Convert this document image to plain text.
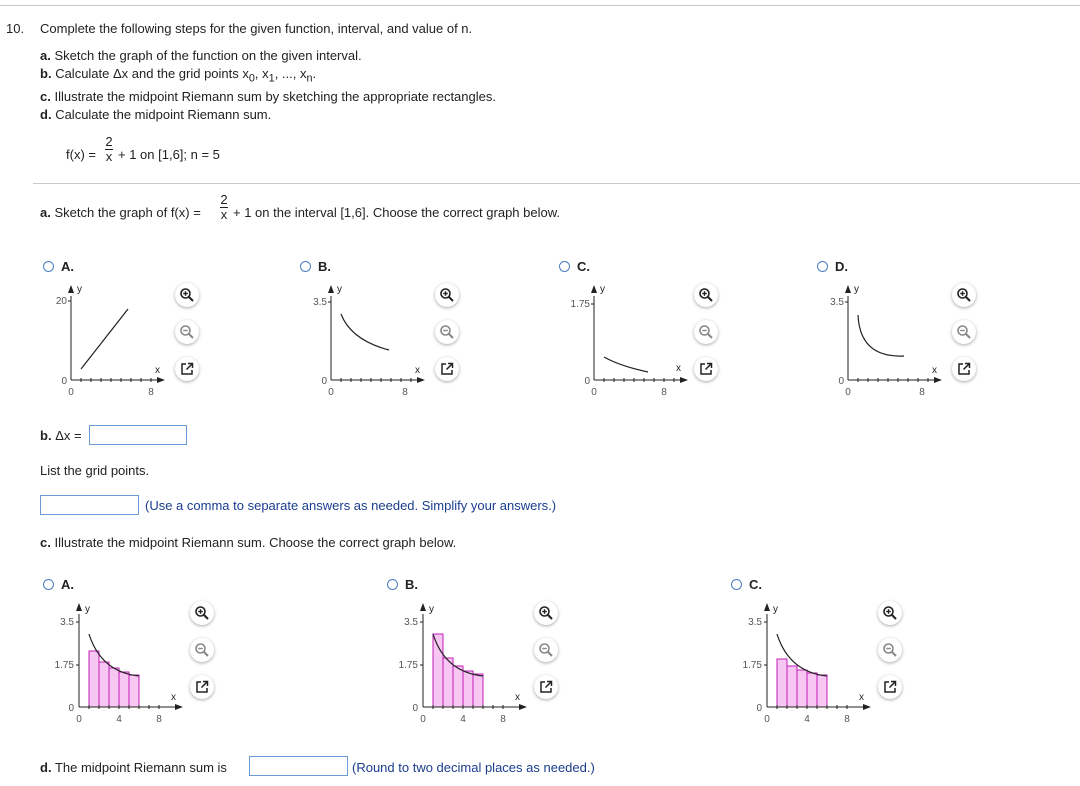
10. Complete the following steps for the given function, interval, and value of n.
a. Sketch the graph of the function on the given interval.
b. Calculate Δx and the grid points $x_0$, $x_1$, ..., $x_n$.
c. Illustrate the midpoint Riemann sum by sketching the appropriate rectangles.
d. Calculate the midpoint Riemann sum.
f(x) =
2
x + 1 on [1,6]; n = 5
a. Sketch the graph of f(x) =
2
x + 1 on the interval [1,6]. Choose the correct graph below.
A.
y
20
0
0	8
x
B.
y
3.5
0
0	8
x
C.
y
1.75
0
0	8
x
D.
y
3.5
0
0	8
x
b. Δx =
List the grid points.
(Use a comma to separate answers as needed. Simplify your answers.)
c. Illustrate the midpoint Riemann sum. Choose the correct graph below.
A.
y
3.5
1.75
0
0	4	8
x
B.
y
3.5
1.75
0
0	4	8
x
C.
y
3.5
1.75
0
0	4	8
x
d. The midpoint Riemann sum is	(Round to two decimal places as needed.)
